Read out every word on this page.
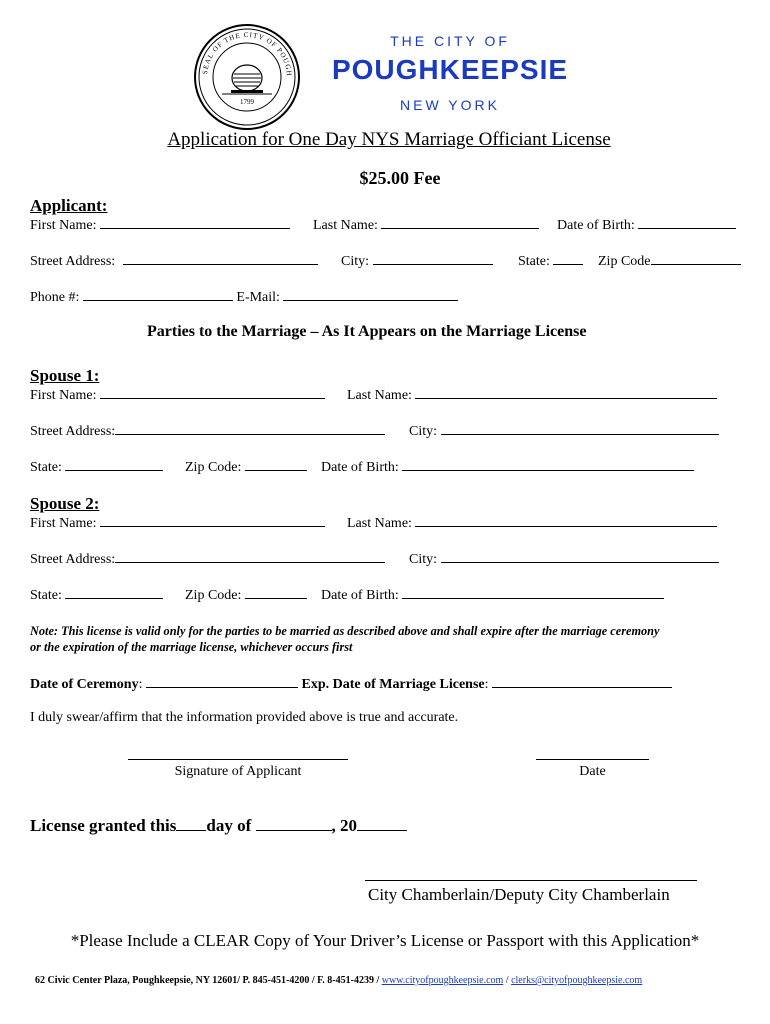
SEAL OF THE CITY OF POUGH
1799
THE CITY OF
POUGHKEEPSIE
NEW YORK
Application for One Day NYS Marriage Officiant License
$25.00 Fee
Applicant:
First Name:	Last Name:	Date of Birth:
Street Address:	City:	State:	Zip Code
Phone #:	E-Mail:
Parties to the Marriage – As It Appears on the Marriage License
Spouse 1:
First Name:	Last Name:
Street Address:	City:
State:	Zip Code:	Date of Birth:
Spouse 2:
First Name:	Last Name:
Street Address:	City:
State:	Zip Code:	Date of Birth:
Note: This license is valid only for the parties to be married as described above and shall expire after the marriage ceremony
or the expiration of the marriage license, whichever occurs first
Date of Ceremony:	Exp. Date of Marriage License:
I duly swear/affirm that the information provided above is true and accurate.
Signature of Applicant	Date
License granted this day of	, 20
City Chamberlain/Deputy City Chamberlain
*Please Include a CLEAR Copy of Your Driver’s License or Passport with this Application*
62 Civic Center Plaza, Poughkeepsie, NY 12601/ P. 845-451-4200 / F. 8-451-4239 / www.cityofpoughkeepsie.com / clerks@cityofpoughkeepsie.com
